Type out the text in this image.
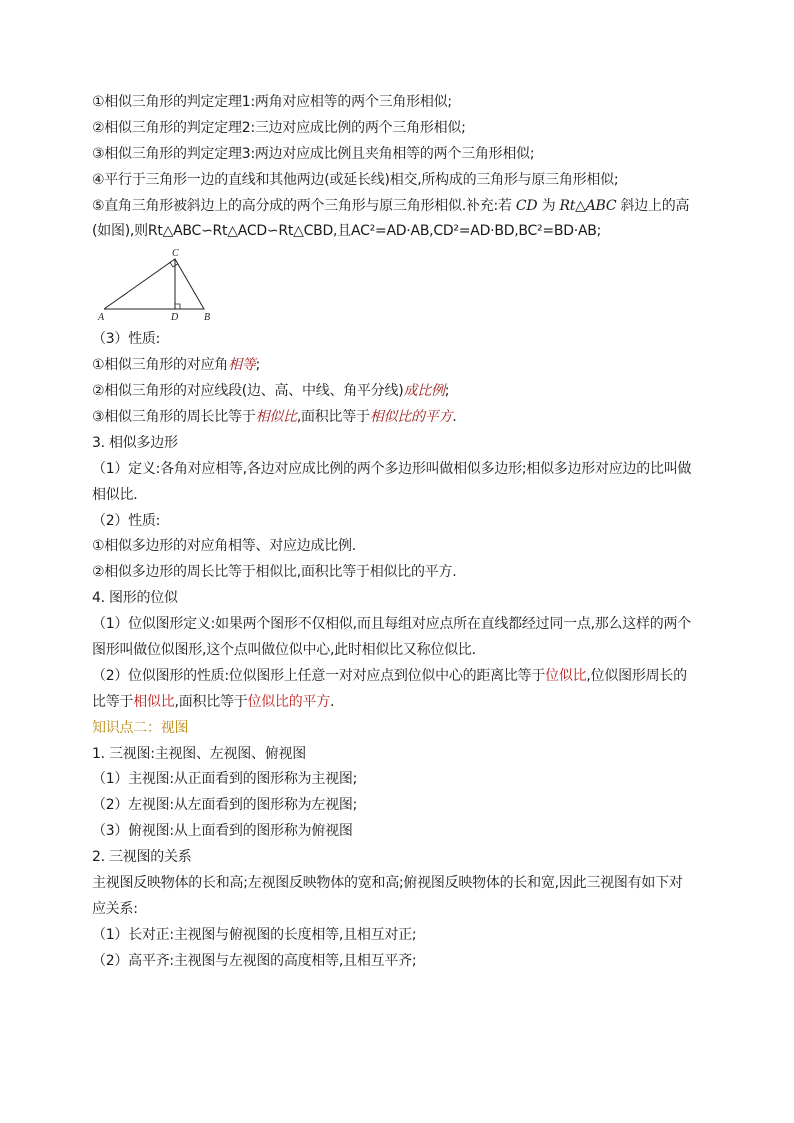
①相似三角形的判定定理1:两角对应相等的两个三角形相似;
②相似三角形的判定定理2:三边对应成比例的两个三角形相似;
③相似三角形的判定定理3:两边对应成比例且夹角相等的两个三角形相似;
④平行于三角形一边的直线和其他两边(或延长线)相交,所构成的三角形与原三角形相似;
⑤直角三角形被斜边上的高分成的两个三角形与原三角形相似.补充:若 CD 为 Rt△ABC 斜边上的高
(如图),则Rt△ABC∽Rt△ACD∽Rt△CBD,且AC²=AD·AB,CD²=AD·BD,BC²=BD·AB;
C
A	D	B
（3）性质:
①相似三角形的对应角相等;
②相似三角形的对应线段(边、高、中线、角平分线)成比例;
③相似三角形的周长比等于相似比,面积比等于相似比的平方.
3. 相似多边形
（1）定义:各角对应相等,各边对应成比例的两个多边形叫做相似多边形;相似多边形对应边的比叫做
相似比.
（2）性质:
①相似多边形的对应角相等、对应边成比例.
②相似多边形的周长比等于相似比,面积比等于相似比的平方.
4. 图形的位似
（1）位似图形定义:如果两个图形不仅相似,而且每组对应点所在直线都经过同一点,那么这样的两个
图形叫做位似图形,这个点叫做位似中心,此时相似比又称位似比.
（2）位似图形的性质:位似图形上任意一对对应点到位似中心的距离比等于位似比,位似图形周长的
比等于相似比,面积比等于位似比的平方.
知识点二：视图
1. 三视图:主视图、左视图、俯视图
（1）主视图:从正面看到的图形称为主视图;
（2）左视图:从左面看到的图形称为左视图;
（3）俯视图:从上面看到的图形称为俯视图
2. 三视图的关系
主视图反映物体的长和高;左视图反映物体的宽和高;俯视图反映物体的长和宽,因此三视图有如下对
应关系:
（1）长对正:主视图与俯视图的长度相等,且相互对正;
（2）高平齐:主视图与左视图的高度相等,且相互平齐;
